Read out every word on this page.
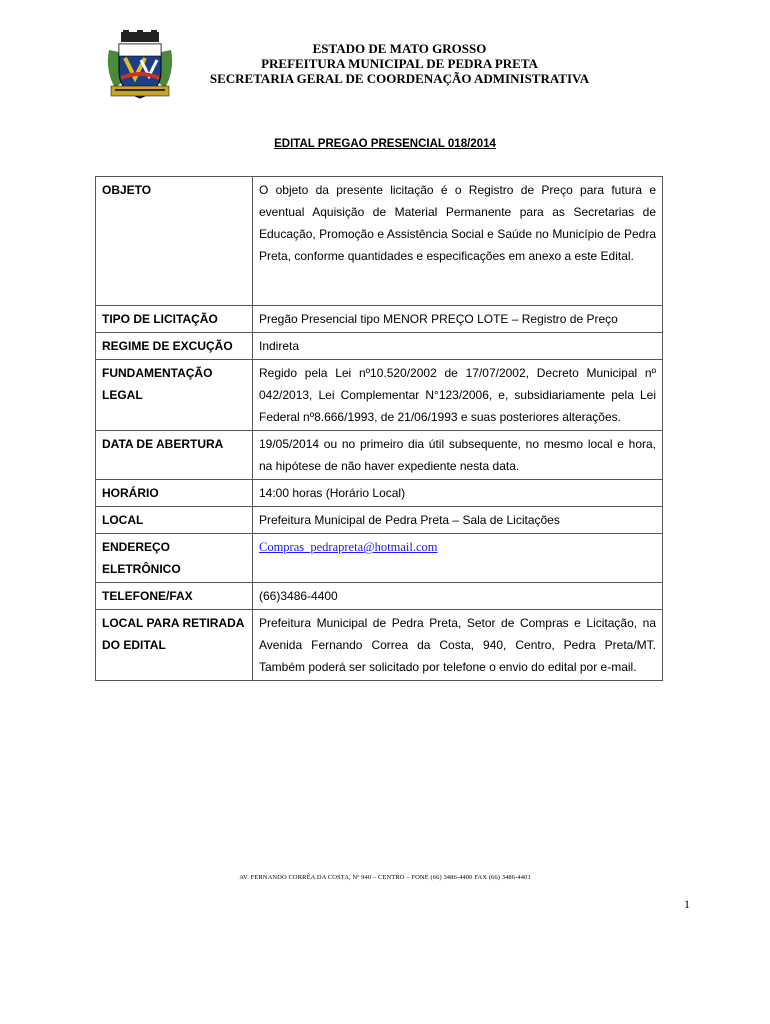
ESTADO DE MATO GROSSO
PREFEITURA MUNICIPAL DE PEDRA PRETA
SECRETARIA GERAL DE COORDENAÇÃO ADMINISTRATIVA
EDITAL PREGAO PRESENCIAL 018/2014
OBJETO	O objeto da presente licitação é o Registro de Preço para futura e eventual Aquisição de Material Permanente para as Secretarias de Educação, Promoção e Assistência Social e Saúde no Município de Pedra Preta, conforme quantidades e especificações em anexo a este Edital.
TIPO DE LICITAÇÃO	Pregão Presencial tipo MENOR PREÇO LOTE – Registro de Preço
REGIME DE EXCUÇÃO	Indireta
FUNDAMENTAÇÃO LEGAL	Regido pela Lei nº10.520/2002 de 17/07/2002, Decreto Municipal nº 042/2013, Lei Complementar N°123/2006, e, subsidiariamente pela Lei Federal nº8.666/1993, de 21/06/1993 e suas posteriores alterações.
DATA DE ABERTURA	19/05/2014 ou no primeiro dia útil subsequente, no mesmo local e hora, na hipótese de não haver expediente nesta data.
HORÁRIO	14:00 horas (Horário Local)
LOCAL	Prefeitura Municipal de Pedra Preta – Sala de Licitações
ENDEREÇO ELETRÔNICO	Compras_pedrapreta@hotmail.com
TELEFONE/FAX	(66)3486-4400
LOCAL PARA RETIRADA DO EDITAL	Prefeitura Municipal de Pedra Preta, Setor de Compras e Licitação, na Avenida Fernando Correa da Costa, 940, Centro, Pedra Preta/MT. Também poderá ser solicitado por telefone o envio do edital por e-mail.
AV. FERNANDO CORRÊA DA COSTA, Nº 940 – CENTRO – FONE (66) 3486-4400 FAX (66) 3486-4401
1
